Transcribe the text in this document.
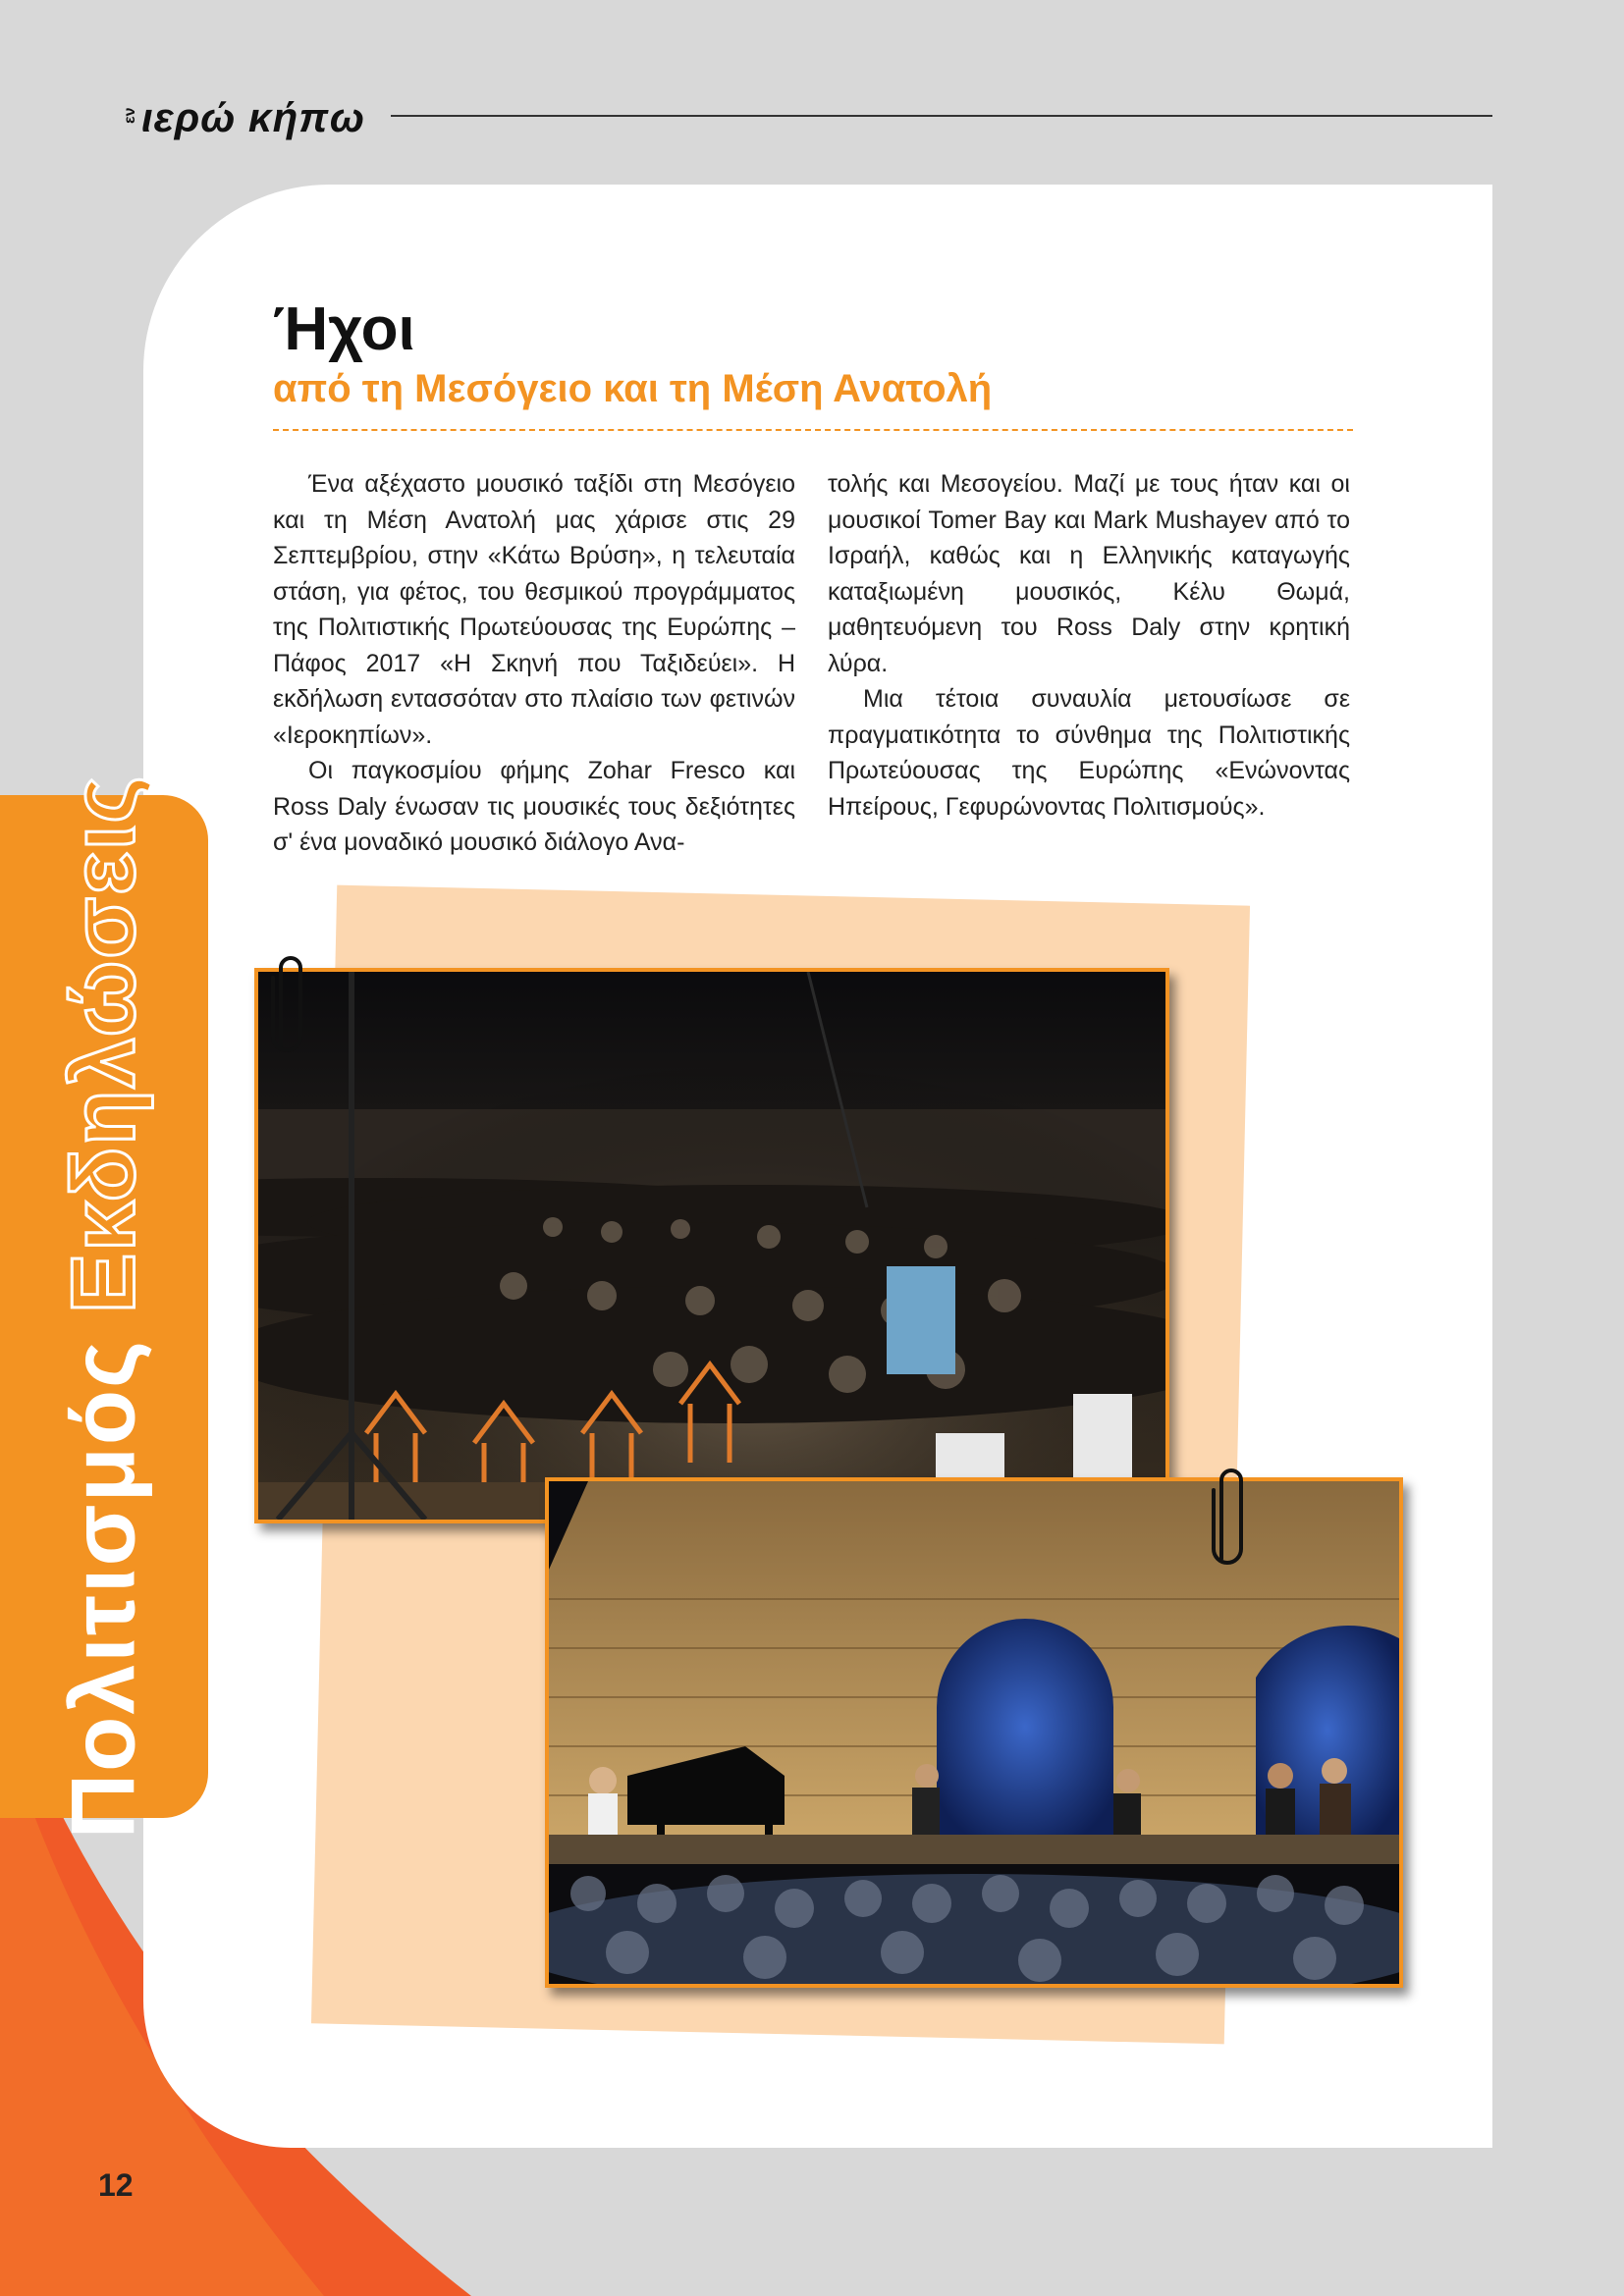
εν ιερώ κήπω
ΠολιτισμόςΕκδηλώσεις
Ήχοι
από τη Μεσόγειο και τη Μέση Ανατολή

Ένα αξέχαστο μουσικό ταξίδι στη Μεσόγειο και τη Μέση Ανατολή μας χάρισε στις 29 Σεπτεμβρίου, στην «Κάτω Βρύση», η τελευταία στάση, για φέτος, του θεσμικού προγράμματος της Πολιτιστικής Πρωτεύουσας της Ευρώπης – Πάφος 2017 «Η Σκηνή που Ταξιδεύει». Η εκδήλωση εντασσόταν στο πλαίσιο των φετινών «Ιεροκηπίων».

Οι παγκοσμίου φήμης Zohar Fresco και Ross Daly ένωσαν τις μουσικές τους δεξιότητες σ' ένα μοναδικό μουσικό διάλογο Ανα-

τολής και Μεσογείου. Μαζί με τους ήταν και οι μουσικοί Tomer Bay και Mark Mushayev από το Ισραήλ, καθώς και η Ελληνικής καταγωγής καταξιωμένη μουσικός, Κέλυ Θωμά, μαθητευόμενη του Ross Daly στην κρητική λύρα.

Μια τέτοια συναυλία μετουσίωσε σε πραγματικότητα το σύνθημα της Πολιτιστικής Πρωτεύουσας της Ευρώπης «Ενώνοντας Ηπείρους, Γεφυρώνοντας Πολιτισμούς».

12
